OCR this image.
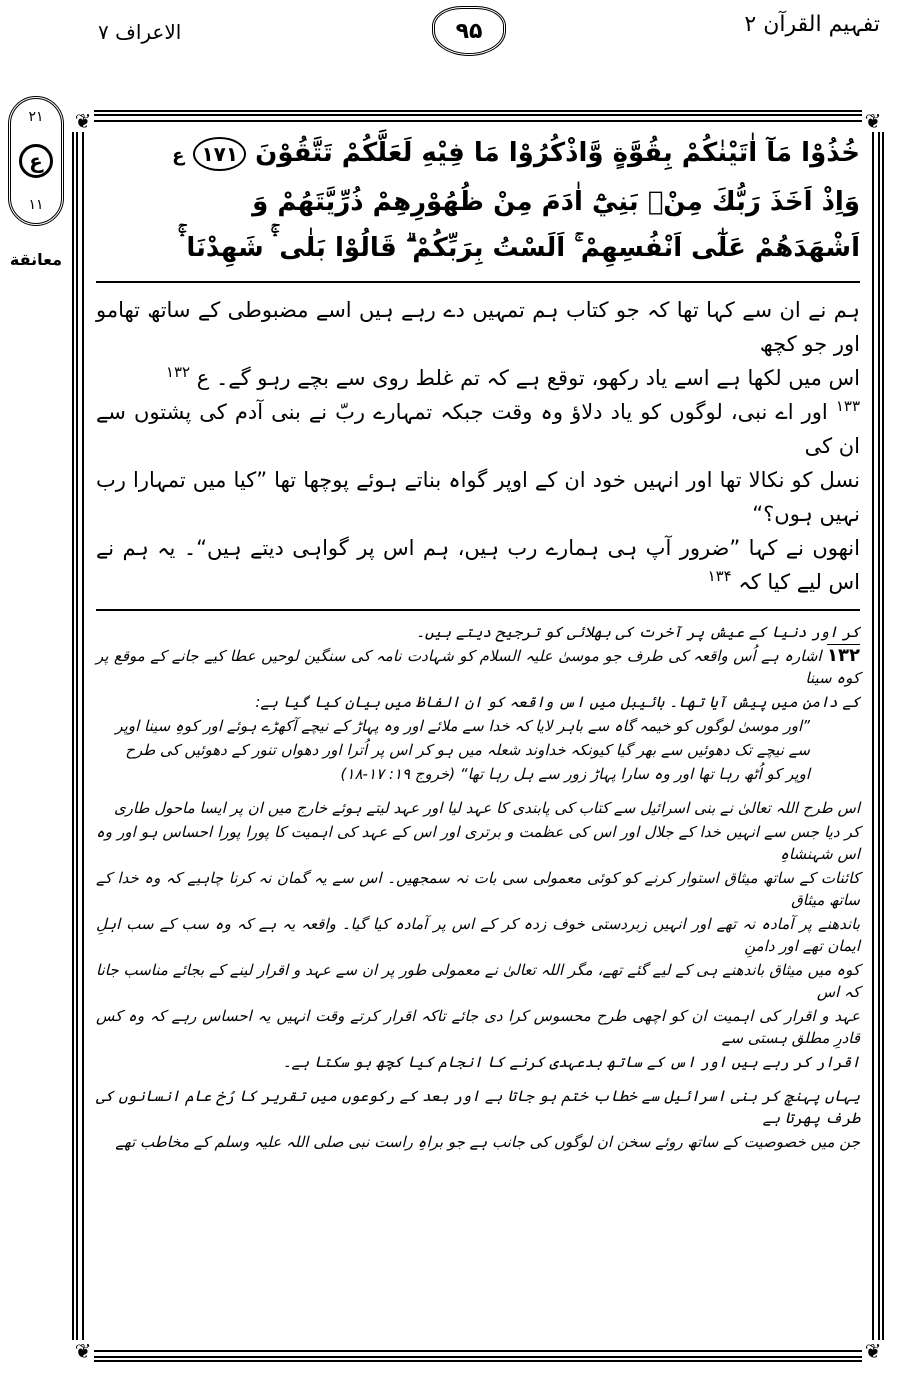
تفہیم القرآن ۲
۹۵
الاعراف ۷
۲۱
ع
۱۱
معانقة
❦	❦
❦	❦

خُذُوْا مَآ اٰتَيْنٰكُمْ بِقُوَّةٍ وَّاذْكُرُوْا مَا فِيْهِ لَعَلَّكُمْ تَتَّقُوْنَ ۱۷۱ ع

وَاِذْ اَخَذَ رَبُّكَ مِنْۢ بَنِيْٓ اٰدَمَ مِنْ ظُهُوْرِهِمْ ذُرِّيَّتَهُمْ وَ

اَشْهَدَهُمْ عَلٰٓى اَنْفُسِهِمْ ۚ اَلَسْتُ بِرَبِّكُمْ ۗ قَالُوْا بَلٰى ۛۚ شَهِدْنَا ۛۚ

ہم نے ان سے کہا تھا کہ جو کتاب ہم تمہیں دے رہے ہیں اسے مضبوطی کے ساتھ تھامو اور جو کچھ

اس میں لکھا ہے اسے یاد رکھو، توقع ہے کہ تم غلط روی سے بچے رہو گے۔ ع $^{۱۳۲}$

$^{۱۳۳}$ اور اے نبی، لوگوں کو یاد دلاؤ وہ وقت جبکہ تمہارے ربّ نے بنی آدم کی پشتوں سے ان کی

نسل کو نکالا تھا اور انہیں خود ان کے اوپر گواہ بناتے ہوئے پوچھا تھا ”کیا میں تمہارا رب نہیں ہوں؟“

انھوں نے کہا ”ضرور آپ ہی ہمارے رب ہیں، ہم اس پر گواہی دیتے ہیں“۔ یہ ہم نے اس لیے کیا کہ $^{۱۳۴}$

کر اور دنیا کے عیش پر آخرت کی بھلائی کو ترجیح دیتے ہیں۔

۱۳۲ اشارہ ہے اُس واقعہ کی طرف جو موسیٰ علیہ السلام کو شہادت نامہ کی سنگین لوحیں عطا کیے جانے کے موقع پر کوہ سینا

کے دامن میں پیش آیا تھا۔ بائیبل میں اس واقعہ کو ان الفاظ میں بیان کیا گیا ہے:

”اور موسیٰ لوگوں کو خیمہ گاہ سے باہر لایا کہ خدا سے ملائے اور وہ پہاڑ کے نیچے آکھڑے ہوئے اور کوہِ سینا اوپر

سے نیچے تک دھوئیں سے بھر گیا کیونکہ خداوند شعلہ میں ہو کر اس پر اُترا اور دھواں تنور کے دھوئیں کی طرح

اوپر کو اُٹھ رہا تھا اور وہ سارا پہاڑ زور سے ہل رہا تھا“ (خروج ۱۹: ۱۷-۱۸)

اس طرح اللہ تعالیٰ نے بنی اسرائیل سے کتاب کی پابندی کا عہد لیا اور عہد لیتے ہوئے خارج میں ان پر ایسا ماحول طاری

کر دیا جس سے انہیں خدا کے جلال اور اس کی عظمت و برتری اور اس کے عہد کی اہمیت کا پورا پورا احساس ہو اور وہ اس شہنشاہِ

کائنات کے ساتھ میثاق استوار کرنے کو کوئی معمولی سی بات نہ سمجھیں۔ اس سے یہ گمان نہ کرنا چاہیے کہ وہ خدا کے ساتھ میثاق

باندھنے پر آمادہ نہ تھے اور انہیں زبردستی خوف زدہ کر کے اس پر آمادہ کیا گیا۔ واقعہ یہ ہے کہ وہ سب کے سب اہلِ ایمان تھے اور دامنِ

کوہ میں میثاق باندھنے ہی کے لیے گئے تھے، مگر اللہ تعالیٰ نے معمولی طور پر ان سے عہد و اقرار لینے کے بجائے مناسب جانا کہ اس

عہد و اقرار کی اہمیت ان کو اچھی طرح محسوس کرا دی جائے تاکہ اقرار کرتے وقت انہیں یہ احساس رہے کہ وہ کس قادرِ مطلق ہستی سے

اقرار کر رہے ہیں اور اس کے ساتھ بدعہدی کرنے کا انجام کیا کچھ ہو سکتا ہے۔

یہاں پہنچ کر بنی اسرائیل سے خطاب ختم ہو جاتا ہے اور بعد کے رکوعوں میں تقریر کا رُخ عام انسانوں کی طرف پھرتا ہے

جن میں خصوصیت کے ساتھ روئے سخن ان لوگوں کی جانب ہے جو براہِ راست نبی صلی اللہ علیہ وسلم کے مخاطب تھے
